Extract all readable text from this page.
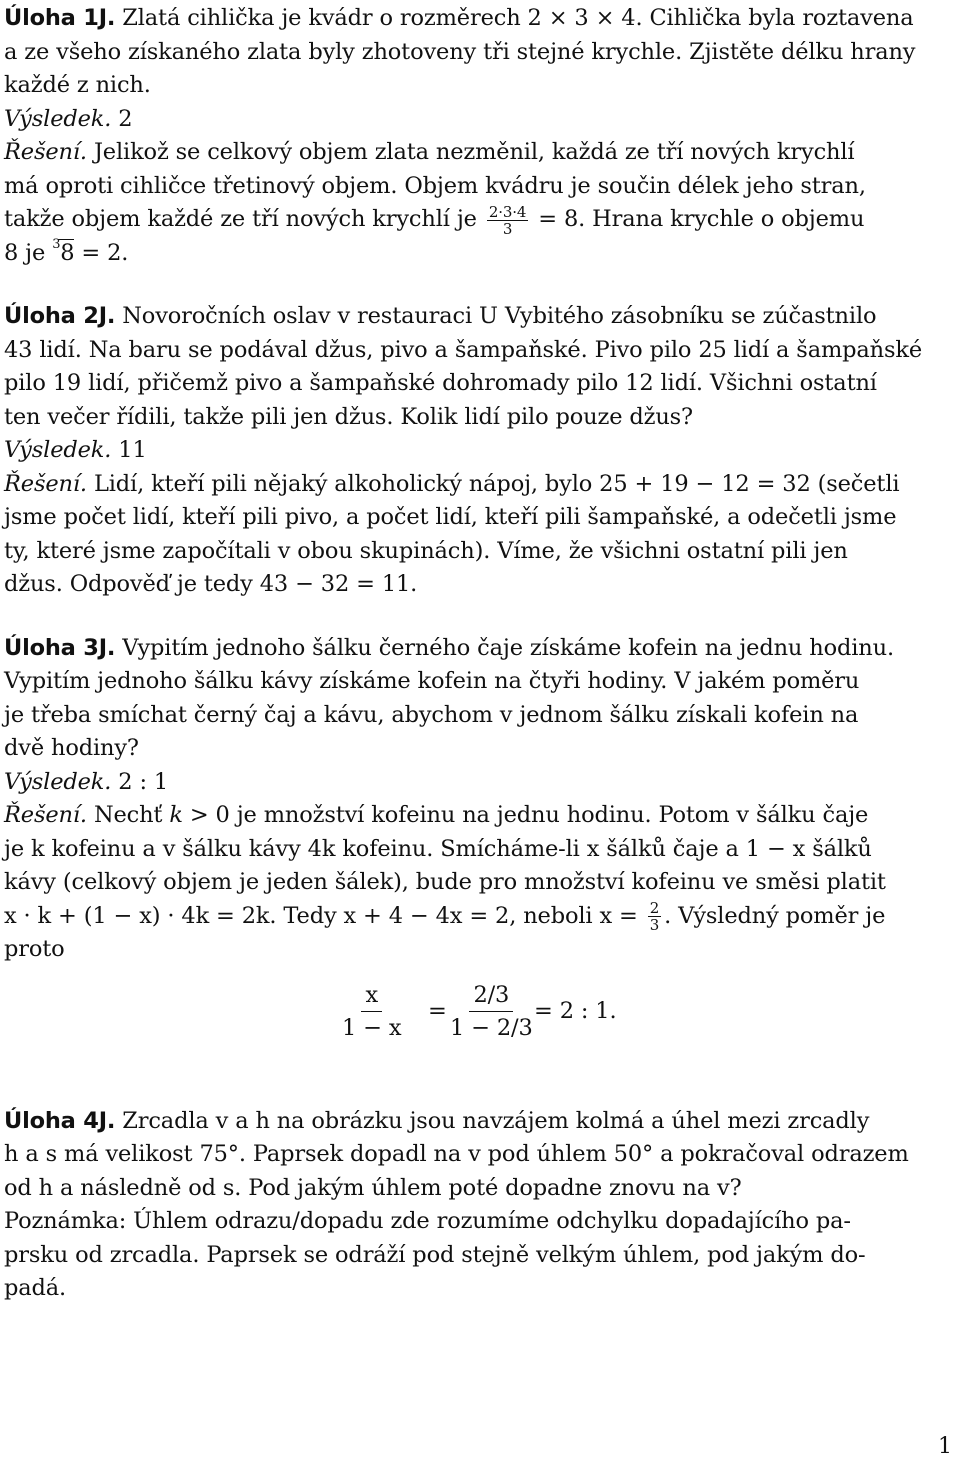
Úloha 1J. Zlatá cihlička je kvádr o rozměrech 2 × 3 × 4. Cihlička byla roztavena
a ze všeho získaného zlata byly zhotoveny tři stejné krychle. Zjistěte délku hrany
každé z nich.
Výsledek. 2
Řešení. Jelikož se celkový objem zlata nezměnil, každá ze tří nových krychlí
má oproti cihličce třetinový objem. Objem kvádru je součin délek jeho stran,
takže objem každé ze tří nových krychlí je $\frac{2\cdot 3\cdot 4}{3} = 8$. Hrana krychle o objemu
8 je 3 8 = 2.
Úloha 2J. Novoročních oslav v restauraci U Vybitého zásobníku se zúčastnilo
43 lidí. Na baru se podával džus, pivo a šampaňské. Pivo pilo 25 lidí a šampaňské
pilo 19 lidí, přičemž pivo a šampaňské dohromady pilo 12 lidí. Všichni ostatní
ten večer řídili, takže pili jen džus. Kolik lidí pilo pouze džus?
Výsledek. 11
Řešení. Lidí, kteří pili nějaký alkoholický nápoj, bylo 25 + 19 − 12 = 32 (sečetli
jsme počet lidí, kteří pili pivo, a počet lidí, kteří pili šampaňské, a odečetli jsme
ty, které jsme započítali v obou skupinách). Víme, že všichni ostatní pili jen
džus. Odpověď je tedy 43 − 32 = 11.
Úloha 3J. Vypitím jednoho šálku černého čaje získáme kofein na jednu hodinu.
Vypitím jednoho šálku kávy získáme kofein na čtyři hodiny. V jakém poměru
je třeba smíchat černý čaj a kávu, abychom v jednom šálku získali kofein na
dvě hodiny?
Výsledek. 2 : 1
Řešení. Nechť k > 0 je množství kofeinu na jednu hodinu. Potom v šálku čaje
je k kofeinu a v šálku kávy 4k kofeinu. Smícháme-li x šálků čaje a 1 − x šálků
kávy (celkový objem je jeden šálek), bude pro množství kofeinu ve směsi platit
x · k + (1 − x) · 4k = 2k. Tedy x + 4 − 4x = 2, neboli $x = \frac{2}{3}$ . Výsledný poměr je
proto
$\frac{x}{1 - x} = \frac{2/3}{1 - 2/3} = 2$ : 1.
Úloha 4J. Zrcadla v a h na obrázku jsou navzájem kolmá a úhel mezi zrcadly
h a s má velikost 75°. Paprsek dopadl na v pod úhlem 50° a pokračoval odrazem
od h a následně od s. Pod jakým úhlem poté dopadne znovu na v?
Poznámka: Úhlem odrazu/dopadu zde rozumíme odchylku dopadajícího pa-
prsku od zrcadla. Paprsek se odráží pod stejně velkým úhlem, pod jakým do-
padá.
1
